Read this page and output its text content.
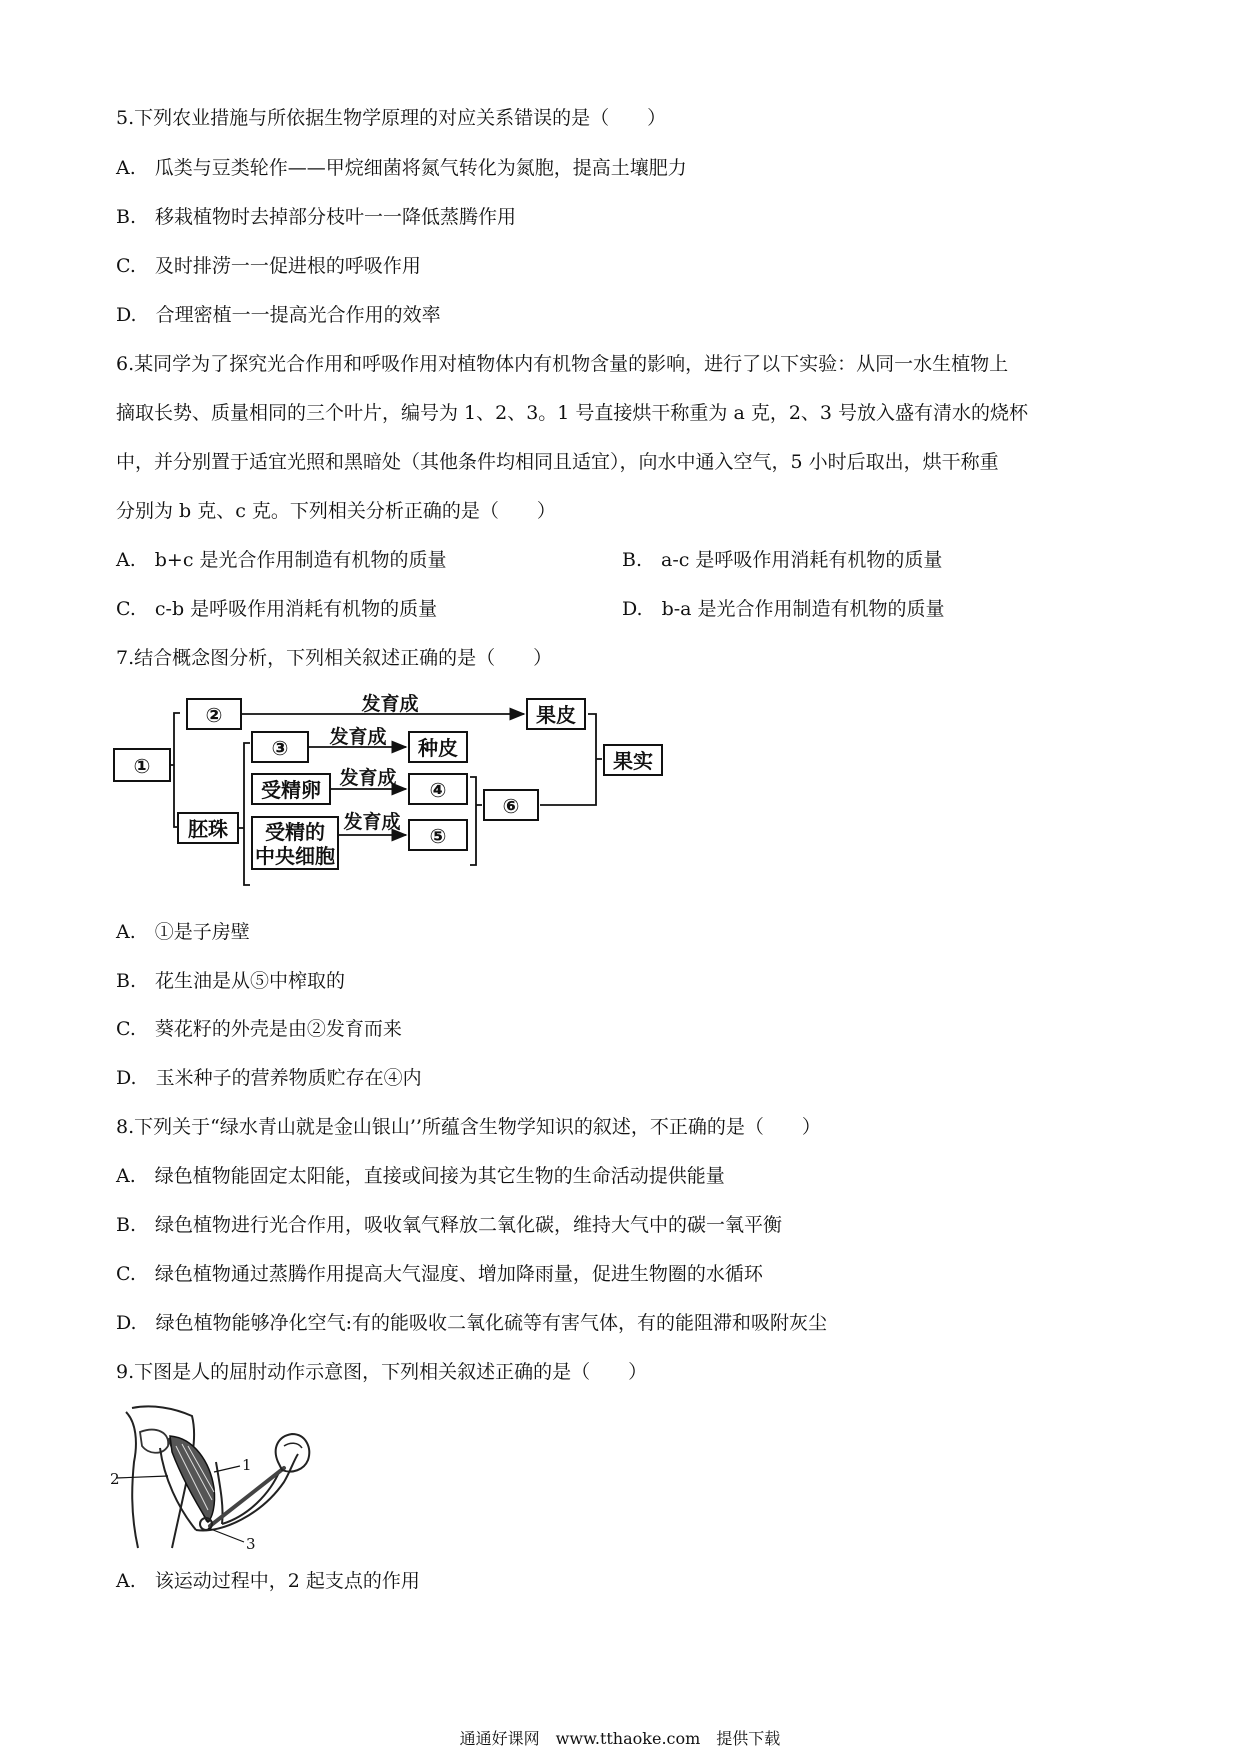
5.下列农业措施与所依据生物学原理的对应关系错误的是（　　）
A.　瓜类与豆类轮作——甲烷细菌将氮气转化为氮胞，提高土壤肥力
B.　移栽植物时去掉部分枝叶一一降低蒸腾作用
C.　及时排涝一一促进根的呼吸作用
D.　合理密植一一提高光合作用的效率
6.某同学为了探究光合作用和呼吸作用对植物体内有机物含量的影响，进行了以下实验：从同一水生植物上
摘取长势、质量相同的三个叶片，编号为 1、2、3。1 号直接烘干称重为 a 克，2、3 号放入盛有清水的烧杯
中，并分别置于适宜光照和黑暗处（其他条件均相同且适宜），向水中通入空气，5 小时后取出，烘干称重
分别为 b 克、c 克。下列相关分析正确的是（　　）
A.　b+c 是光合作用制造有机物的质量	B.　a-c 是呼吸作用消耗有机物的质量
C.　c-b 是呼吸作用消耗有机物的质量	D.　b-a 是光合作用制造有机物的质量
7.结合概念图分析，下列相关叙述正确的是（　　）
①
②	发育成	果皮
胚珠
③ 发育成 种皮
受精卵 发育成 ④
受精的
中央细胞
发育成
⑤
⑥
果实
A.　①是子房壁
B.　花生油是从⑤中榨取的
C.　葵花籽的外壳是由②发育而来
D.　玉米种子的营养物质贮存在④内
8.下列关于“绿水青山就是金山银山’’所蕴含生物学知识的叙述，不正确的是（　　）
A.　绿色植物能固定太阳能，直接或间接为其它生物的生命活动提供能量
B.　绿色植物进行光合作用，吸收氧气释放二氧化碳，维持大气中的碳一氧平衡
C.　绿色植物通过蒸腾作用提高大气湿度、增加降雨量，促进生物圈的水循环
D.　绿色植物能够净化空气:有的能吸收二氧化硫等有害气体，有的能阻滞和吸附灰尘
9.下图是人的屈肘动作示意图，下列相关叙述正确的是（　　）
1
2
3
A.　该运动过程中，2 起支点的作用
通通好课网　www.tthaoke.com　提供下载
